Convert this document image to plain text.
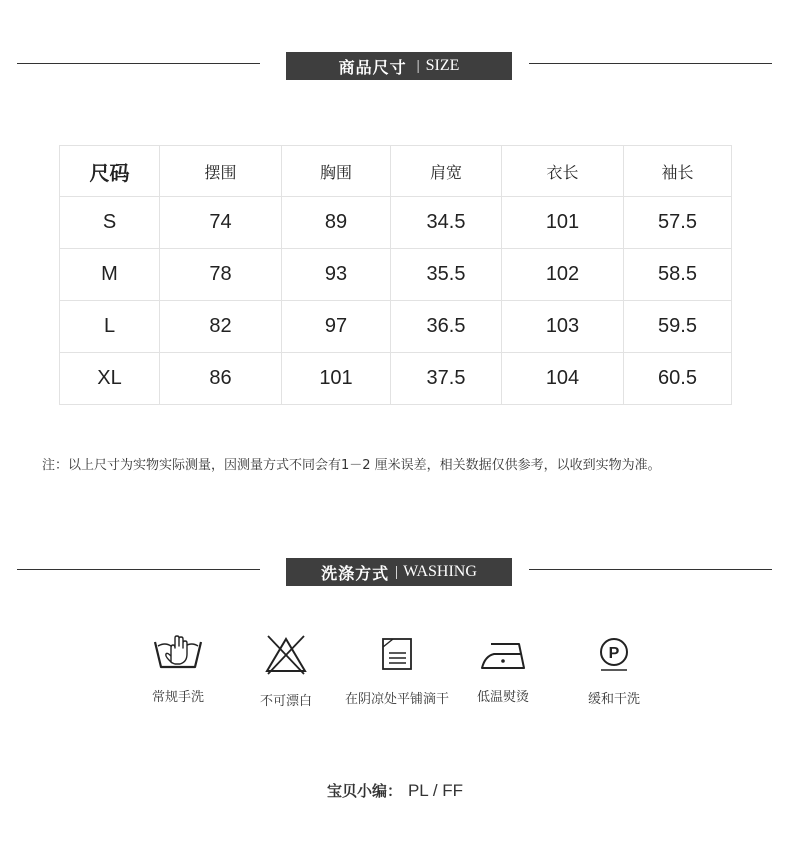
商品尺寸 | SIZE
尺码	摆围	胸围	肩宽	衣长	袖长
S	74	89	34.5	101	57.5
M	78	93	35.5	102	58.5
L	82	97	36.5	103	59.5
XL	86	101	37.5	104	60.5
注：以上尺寸为实物实际测量，因测量方式不同会有1－2 厘米误差，相关数据仅供参考，以收到实物为准。
洗涤方式 | WASHING
常规手洗	不可漂白	在阴凉处平铺滴干	低温熨烫
P
缓和干洗
宝贝小编： PL / FF
